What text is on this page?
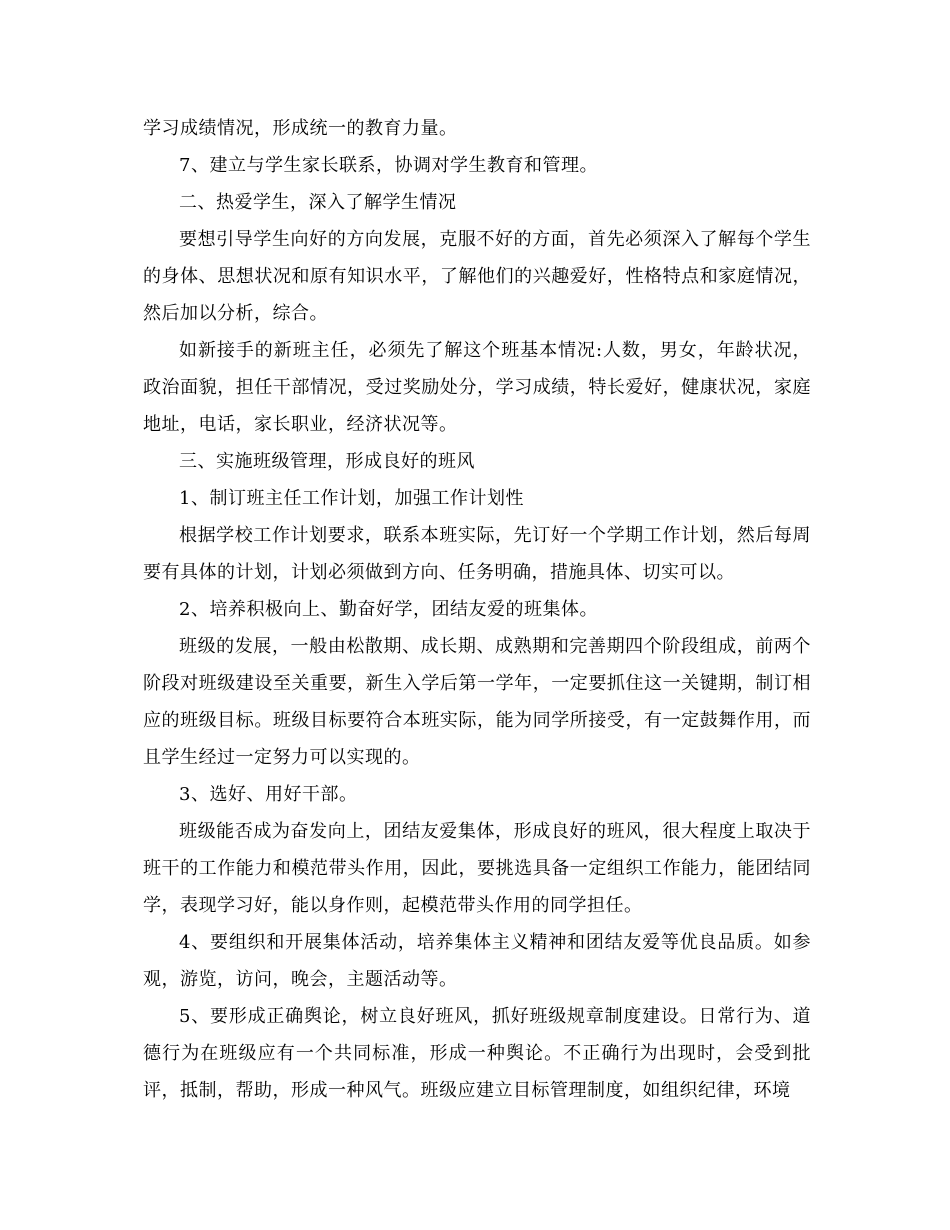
学习成绩情况，形成统一的教育力量。

7、建立与学生家长联系，协调对学生教育和管理。

二、热爱学生，深入了解学生情况

要想引导学生向好的方向发展，克服不好的方面，首先必须深入了解每个学生的身体、思想状况和原有知识水平，了解他们的兴趣爱好，性格特点和家庭情况，然后加以分析，综合。

如新接手的新班主任，必须先了解这个班基本情况:人数，男女，年龄状况，政治面貌，担任干部情况，受过奖励处分，学习成绩，特长爱好，健康状况，家庭地址，电话，家长职业，经济状况等。

三、实施班级管理，形成良好的班风

1、制订班主任工作计划，加强工作计划性

根据学校工作计划要求，联系本班实际，先订好一个学期工作计划，然后每周要有具体的计划，计划必须做到方向、任务明确，措施具体、切实可以。

2、培养积极向上、勤奋好学，团结友爱的班集体。

班级的发展，一般由松散期、成长期、成熟期和完善期四个阶段组成，前两个阶段对班级建设至关重要，新生入学后第一学年，一定要抓住这一关键期，制订相应的班级目标。班级目标要符合本班实际，能为同学所接受，有一定鼓舞作用，而且学生经过一定努力可以实现的。

3、选好、用好干部。

班级能否成为奋发向上，团结友爱集体，形成良好的班风，很大程度上取决于班干的工作能力和模范带头作用，因此，要挑选具备一定组织工作能力，能团结同学，表现学习好，能以身作则，起模范带头作用的同学担任。

4、要组织和开展集体活动，培养集体主义精神和团结友爱等优良品质。如参观，游览，访问，晚会，主题活动等。

5、要形成正确舆论，树立良好班风，抓好班级规章制度建设。日常行为、道德行为在班级应有一个共同标准，形成一种舆论。不正确行为出现时，会受到批评，抵制，帮助，形成一种风气。班级应建立目标管理制度，如组织纪律，环境
